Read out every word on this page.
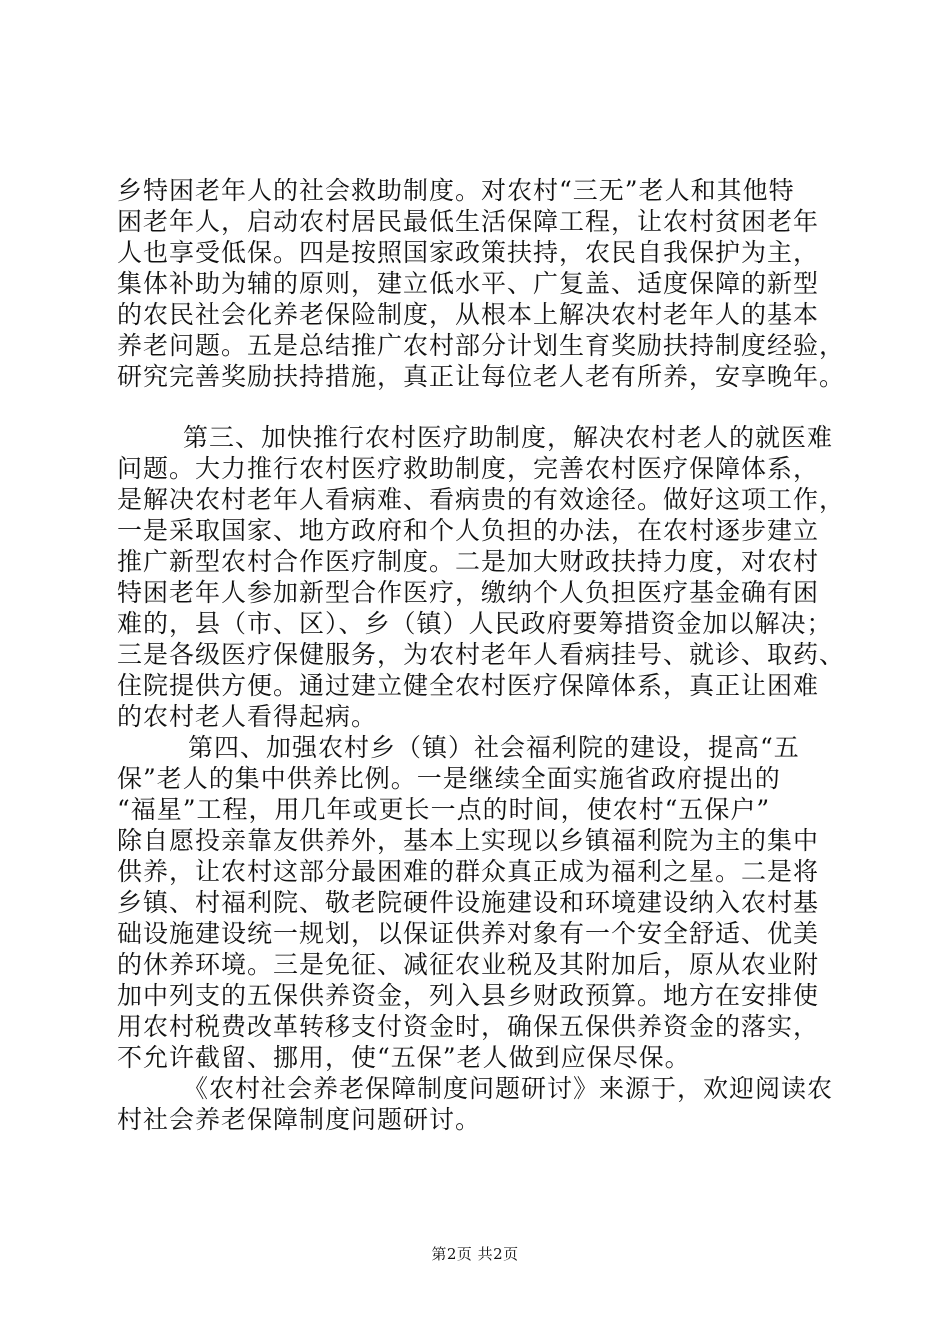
乡特困老年人的社会救助制度。对农村“三无”老人和其他特
困老年人，启动农村居民最低生活保障工程，让农村贫困老年
人也享受低保。四是按照国家政策扶持，农民自我保护为主，
集体补助为辅的原则，建立低水平、广复盖、适度保障的新型
的农民社会化养老保险制度，从根本上解决农村老年人的基本
养老问题。五是总结推广农村部分计划生育奖励扶持制度经验，
研究完善奖励扶持措施，真正让每位老人老有所养，安享晚年。
第三、加快推行农村医疗助制度，解决农村老人的就医难
问题。大力推行农村医疗救助制度，完善农村医疗保障体系，
是解决农村老年人看病难、看病贵的有效途径。做好这项工作，
一是采取国家、地方政府和个人负担的办法，在农村逐步建立
推广新型农村合作医疗制度。二是加大财政扶持力度，对农村
特困老年人参加新型合作医疗，缴纳个人负担医疗基金确有困
难的，县（市、区）、乡（镇）人民政府要筹措资金加以解决；
三是各级医疗保健服务，为农村老年人看病挂号、就诊、取药、
住院提供方便。通过建立健全农村医疗保障体系，真正让困难
的农村老人看得起病。
第四、加强农村乡（镇）社会福利院的建设，提高“五
保”老人的集中供养比例。一是继续全面实施省政府提出的
“福星”工程，用几年或更长一点的时间，使农村“五保户”
除自愿投亲靠友供养外，基本上实现以乡镇福利院为主的集中
供养，让农村这部分最困难的群众真正成为福利之星。二是将
乡镇、村福利院、敬老院硬件设施建设和环境建设纳入农村基
础设施建设统一规划，以保证供养对象有一个安全舒适、优美
的休养环境。三是免征、减征农业税及其附加后，原从农业附
加中列支的五保供养资金，列入县乡财政预算。地方在安排使
用农村税费改革转移支付资金时，确保五保供养资金的落实，
不允许截留、挪用，使“五保”老人做到应保尽保。
《农村社会养老保障制度问题研讨》来源于，欢迎阅读农
村社会养老保障制度问题研讨。
第2页 共2页
